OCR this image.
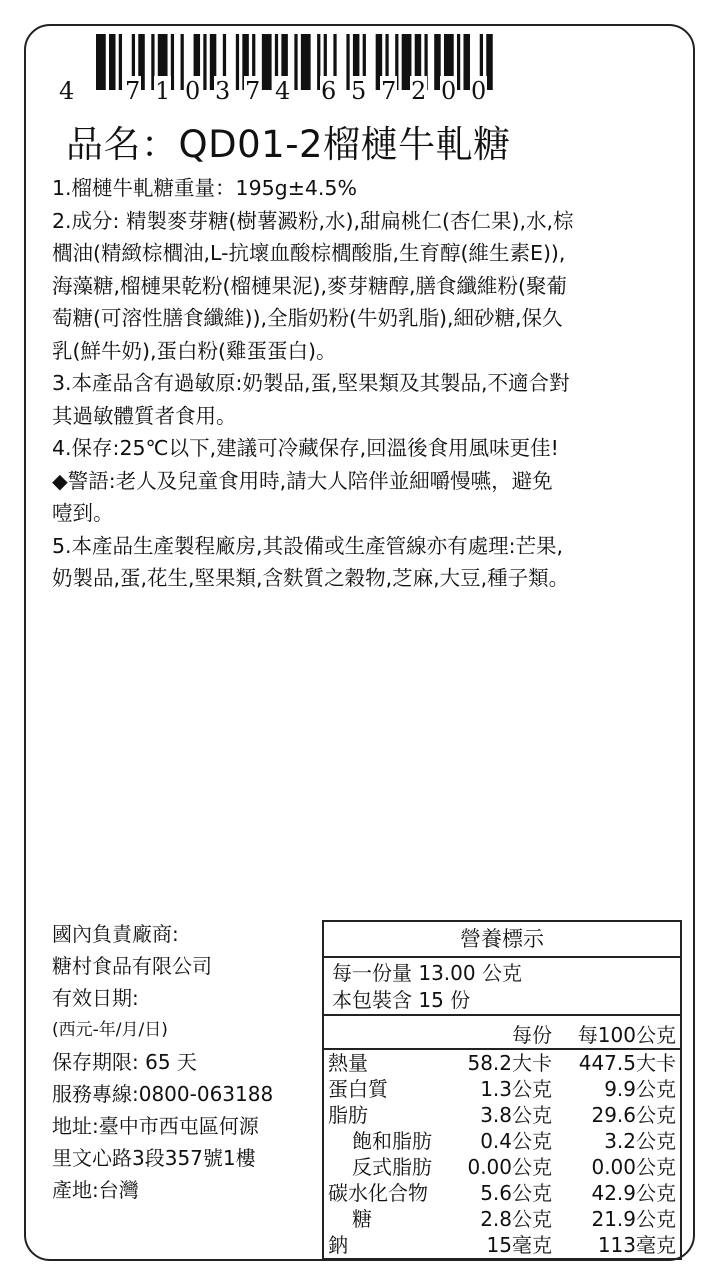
4 7 1 0 3 7 4 6 5 7 2 0 0
品名：QD01-2榴槤牛軋糖

1.榴槤牛軋糖重量：195g±4.5%

2.成分: 精製麥芽糖(樹薯澱粉,水),甜扁桃仁(杏仁果),水,棕
櫚油(精緻棕櫚油,L-抗壞血酸棕櫚酸脂,生育醇(維生素E)),
海藻糖,榴槤果乾粉(榴槤果泥),麥芽糖醇,膳食纖維粉(聚葡
萄糖(可溶性膳食纖維)),全脂奶粉(牛奶乳脂),細砂糖,保久
乳(鮮牛奶),蛋白粉(雞蛋蛋白)。

3.本產品含有過敏原:奶製品,蛋,堅果類及其製品,不適合對
其過敏體質者食用。

4.保存:25℃以下,建議可冷藏保存,回溫後食用風味更佳!

◆警語:老人及兒童食用時,請大人陪伴並細嚼慢嚥，避免
噎到。

5.本產品生產製程廠房,其設備或生產管線亦有處理:芒果,
奶製品,蛋,花生,堅果類,含麩質之穀物,芝麻,大豆,種子類。

國內負責廠商:
糖村食品有限公司
有效日期:
(西元-年/月/日)
保存期限: 65 天
服務專線:0800-063188
地址:臺中市西屯區何源
里文心路3段357號1樓
產地:台灣
營養標示
每一份量 13.00 公克
本包裝含 15 份
每份 每100公克
熱量	58.2大卡 447.5大卡
蛋白質	1.3公克	9.9公克
脂肪	3.8公克 29.6公克
飽和脂肪 0.4公克	3.2公克
反式脂肪 0.00公克 0.00公克
碳水化合物	5.6公克 42.9公克
糖	2.8公克 21.9公克
鈉	15毫克 113毫克
